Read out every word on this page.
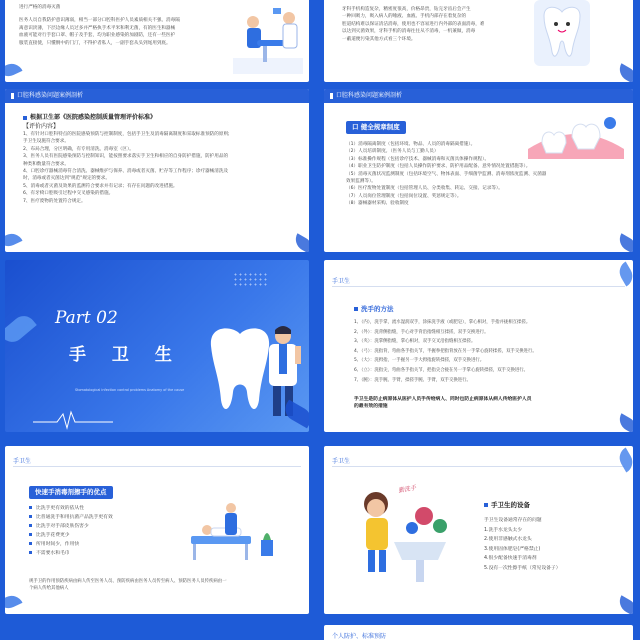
进行严格的消毒灭菌

医务人员自我防护意识薄弱，相当一部分口腔科医护人员素质相关不强、消毒隔

离意识淡薄，下层边缘人员过多并严格执手术平米和利无菌，有的医生和器械

血液可能对行手套口罩、帽子及手套，均为职业感染的加剧防，还有一些医护

服装直接使，只懂倒中的门汀，不得护者私人，一副手套从头到尾用到底。

牙科手机构造复杂，精密度很高，价格昂贵，钻完牙齿后会产生

一种回吸力，吸入病人的唾液、血液。手机内部存在着复杂的

腔道结构难以保证清洁消毒，使用也不容易进行内外部的表面消毒，难

以达到灭菌效果，牙科手机的消毒往往从不消毒，一机兼做，消毒

一蔽道便污染其他方式看三个环境。

口腔科感染问题案例剖析

根据卫生部《医院感染控制质量管理评价标准》

【评价内容】

1、有针对口腔科特点的医院感染预防与控制制度，包括手卫生及消毒隔离制度和采取标准预防的原则;

手卫生设施符合要求。

2、布局合理，分区明确，有专用清洗、消毒室（区）。

3、医务人员有医院感染预防与控制知识，能按照要求落实手卫生和相应的自身防护措施，防护用品的

种类和数量符合要求。

4、口腔诊疗器械消毒符合清洗、器械维护与保养、消毒或者灭菌、贮存等工作程序；诊疗器械清洗及

时，消毒或者灭菌达到"规范"规定的要求。

5、消毒或者灭菌及效果的监测符合要求并有记录；有存在问题的改进措施。

6、有牙椅口腔吸引过程中交叉感染的措施。

7、医疗废物的处置符合规定。

口腔科感染问题案例剖析
口 健全规章制度

（1）消毒隔离制度（包括环境、物品、人员的消毒隔离措施）。

（2）人员培训制度。（医务人员与工勤人员）

（3）标准操作规程（包括诊疗技术、器械消毒和灭菌具体操作规程）。

（4）职业卫生防护制度（包括人员操作防护要求、防护用品配备、意外情况处置措施等）。

（5）消毒灭菌状况监测制度（包括环境空气、物体表面、手细菌学监测、消毒剂浓度监测、灭菌器

效果监测等）。

（6）医疗废物处置制度（包括管理人员、分类收集、转运、交接、记录等）。

（7）人员岗位管理制度（包括岗位设置、奖惩规定等）。

（8）器械器材采购、验收制度

Part 02
手 卫 生
Stomatological infection control problems Anatomy of the cause
手卫生
洗手的方法

1、（内），洗手掌，流水湿润双手，涂抹洗手液（或肥皂），掌心相对，手指并拢相互揉搓。

2、（外）：洗背侧指缝，手心对手背沿指缝相互揉搓，双手交换进行。

3、（夹）：洗掌侧指缝，掌心相对，双手交叉沿指缝相互揉搓。

4、（弓）：洗指背，弯曲各手指关节，半握拳把指背放在另一手掌心旋转揉搓，双手交换进行。

5、（大）：洗拇指，一手握另一手大拇指旋转揉搓，双手交换进行。

6、（立）：洗指尖，弯曲各手指关节，把指尖合拢在另一手掌心旋转揉搓，双手交换进行。

7、（腕）：洗手腕、手臂，揉搓手腕、手臂，双手交换进行。

手卫生是防止病原体从医护人员手传给病人、同时也防止病原体从病人传给医护人员

的最有效的措施

手卫生
快速手消毒剂擦手的优点

比洗手更有效的依从性

比普通洗手和用抗菌产品洗手更有效

比洗手对手部皮肤伤害少

比洗手花费更少

所用时间少，作用快

不需要水和毛巾

规手卫的作用预防疾病由病人传至医务人员、预防疾病由医务人员传至病人、预防医务人员传疾病由一

个病人传给其他病人

手卫生
勤洗手
手卫生的设备

手卫生设备通常存在的问题

1.洗手水龙头太少

2.使用非感触式水龙头

3.使用固体肥皂(严格禁止)

4.很少配备快速手消毒剂

5.没有一次性擦手纸（常见设备子）

个人防护、标准预防
